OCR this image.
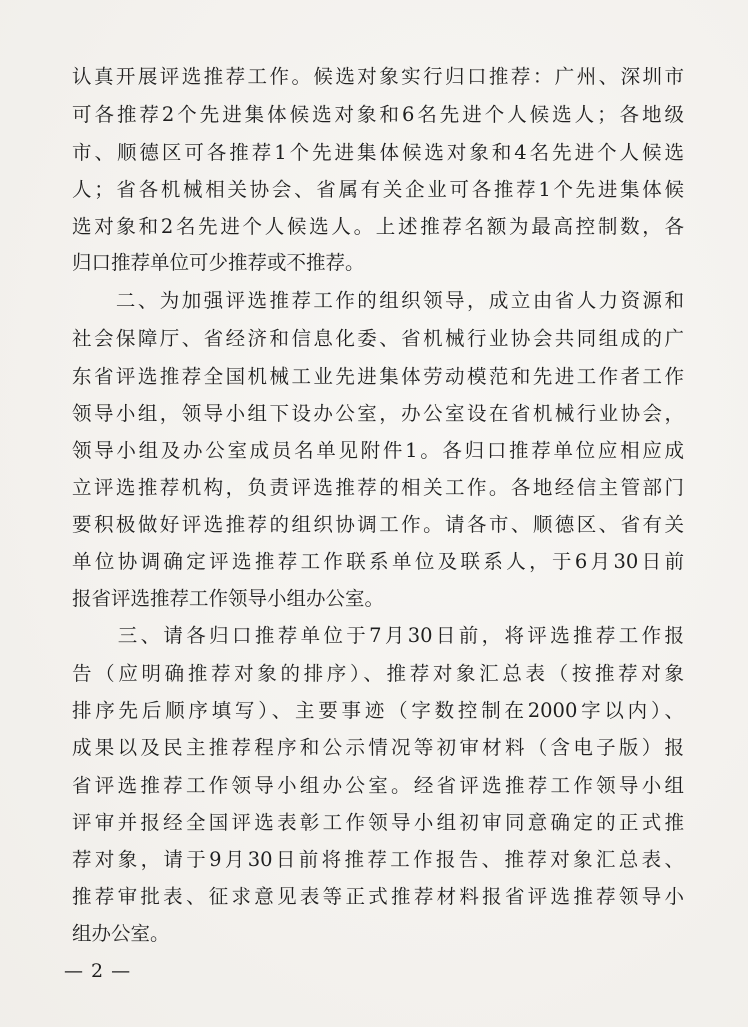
认真开展评选推荐工作。候选对象实行归口推荐：广州、深圳市
可各推荐2个先进集体候选对象和6名先进个人候选人；各地级
市、顺德区可各推荐1个先进集体候选对象和4名先进个人候选
人；省各机械相关协会、省属有关企业可各推荐1个先进集体候
选对象和2名先进个人候选人。上述推荐名额为最高控制数，各
归口推荐单位可少推荐或不推荐。
　　二、为加强评选推荐工作的组织领导，成立由省人力资源和
社会保障厅、省经济和信息化委、省机械行业协会共同组成的广
东省评选推荐全国机械工业先进集体劳动模范和先进工作者工作
领导小组，领导小组下设办公室，办公室设在省机械行业协会，
领导小组及办公室成员名单见附件1。各归口推荐单位应相应成
立评选推荐机构，负责评选推荐的相关工作。各地经信主管部门
要积极做好评选推荐的组织协调工作。请各市、顺德区、省有关
单位协调确定评选推荐工作联系单位及联系人，于6月30日前
报省评选推荐工作领导小组办公室。
　　三、请各归口推荐单位于7月30日前，将评选推荐工作报
告（应明确推荐对象的排序）、推荐对象汇总表（按推荐对象
排序先后顺序填写）、主要事迹（字数控制在2000字以内）、
成果以及民主推荐程序和公示情况等初审材料（含电子版）报
省评选推荐工作领导小组办公室。经省评选推荐工作领导小组
评审并报经全国评选表彰工作领导小组初审同意确定的正式推
荐对象，请于9月30日前将推荐工作报告、推荐对象汇总表、
推荐审批表、征求意见表等正式推荐材料报省评选推荐领导小
组办公室。
— 2 —
